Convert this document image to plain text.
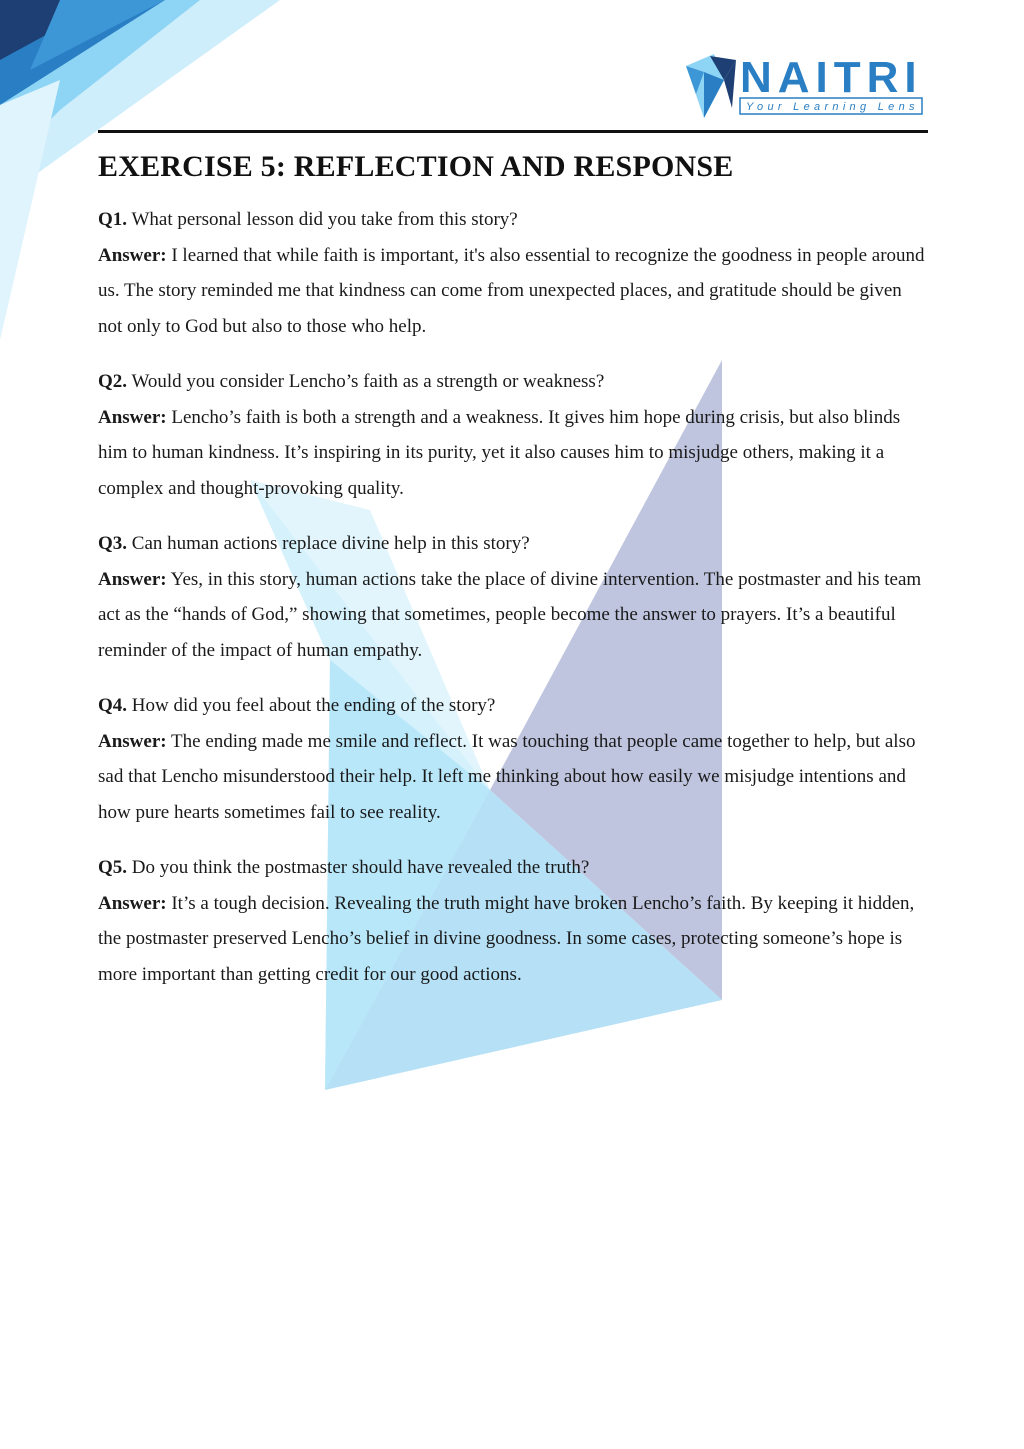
NAITRI
Your Learning Lens
EXERCISE 5: REFLECTION AND RESPONSE

Q1. What personal lesson did you take from this story?

Answer: I learned that while faith is important, it's also essential to recognize the goodness in people around us. The story reminded me that kindness can come from unexpected places, and gratitude should be given not only to God but also to those who help.

Q2. Would you consider Lencho’s faith as a strength or weakness?

Answer: Lencho’s faith is both a strength and a weakness. It gives him hope during crisis, but also blinds him to human kindness. It’s inspiring in its purity, yet it also causes him to misjudge others, making it a complex and thought-provoking quality.

Q3. Can human actions replace divine help in this story?

Answer: Yes, in this story, human actions take the place of divine intervention. The postmaster and his team act as the “hands of God,” showing that sometimes, people become the answer to prayers. It’s a beautiful reminder of the impact of human empathy.

Q4. How did you feel about the ending of the story?

Answer: The ending made me smile and reflect. It was touching that people came together to help, but also sad that Lencho misunderstood their help. It left me thinking about how easily we misjudge intentions and how pure hearts sometimes fail to see reality.

Q5. Do you think the postmaster should have revealed the truth?

Answer: It’s a tough decision. Revealing the truth might have broken Lencho’s faith. By keeping it hidden, the postmaster preserved Lencho’s belief in divine goodness. In some cases, protecting someone’s hope is more important than getting credit for our good actions.
